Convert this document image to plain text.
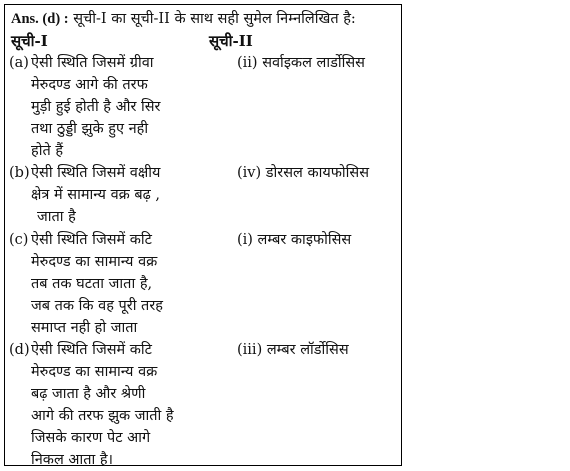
Ans. (d) : सूची-I का सूची-II के साथ सही सुमेल निम्नलिखित है:
सूची-I	सूची-II
(a) ऐसी स्थिति जिसमें ग्रीवा
मेरुदण्ड आगे की तरफ
मुड़ी हुई होती है और सिर
तथा ठुड्डी झुके हुए नही
होते हैं
(ii) सर्वाइकल लार्डोसिस
(b) ऐसी स्थिति जिसमें वक्षीय
क्षेत्र में सामान्य वक्र बढ़ ,
जाता है
(iv) डोरसल कायफोसिस
(c) ऐसी स्थिति जिसमें कटि
मेरुदण्ड का सामान्य वक्र
तब तक घटता जाता है,
जब तक कि वह पूरी तरह
समाप्त नही हो जाता
(i) लम्बर काइफोसिस
(d) ऐसी स्थिति जिसमें कटि
मेरुदण्ड का सामान्य वक्र
बढ़ जाता है और श्रेणी
आगे की तरफ झुक जाती है
जिसके कारण पेट आगे
निकल आता है।
(iii) लम्बर लॉर्डोसिस
